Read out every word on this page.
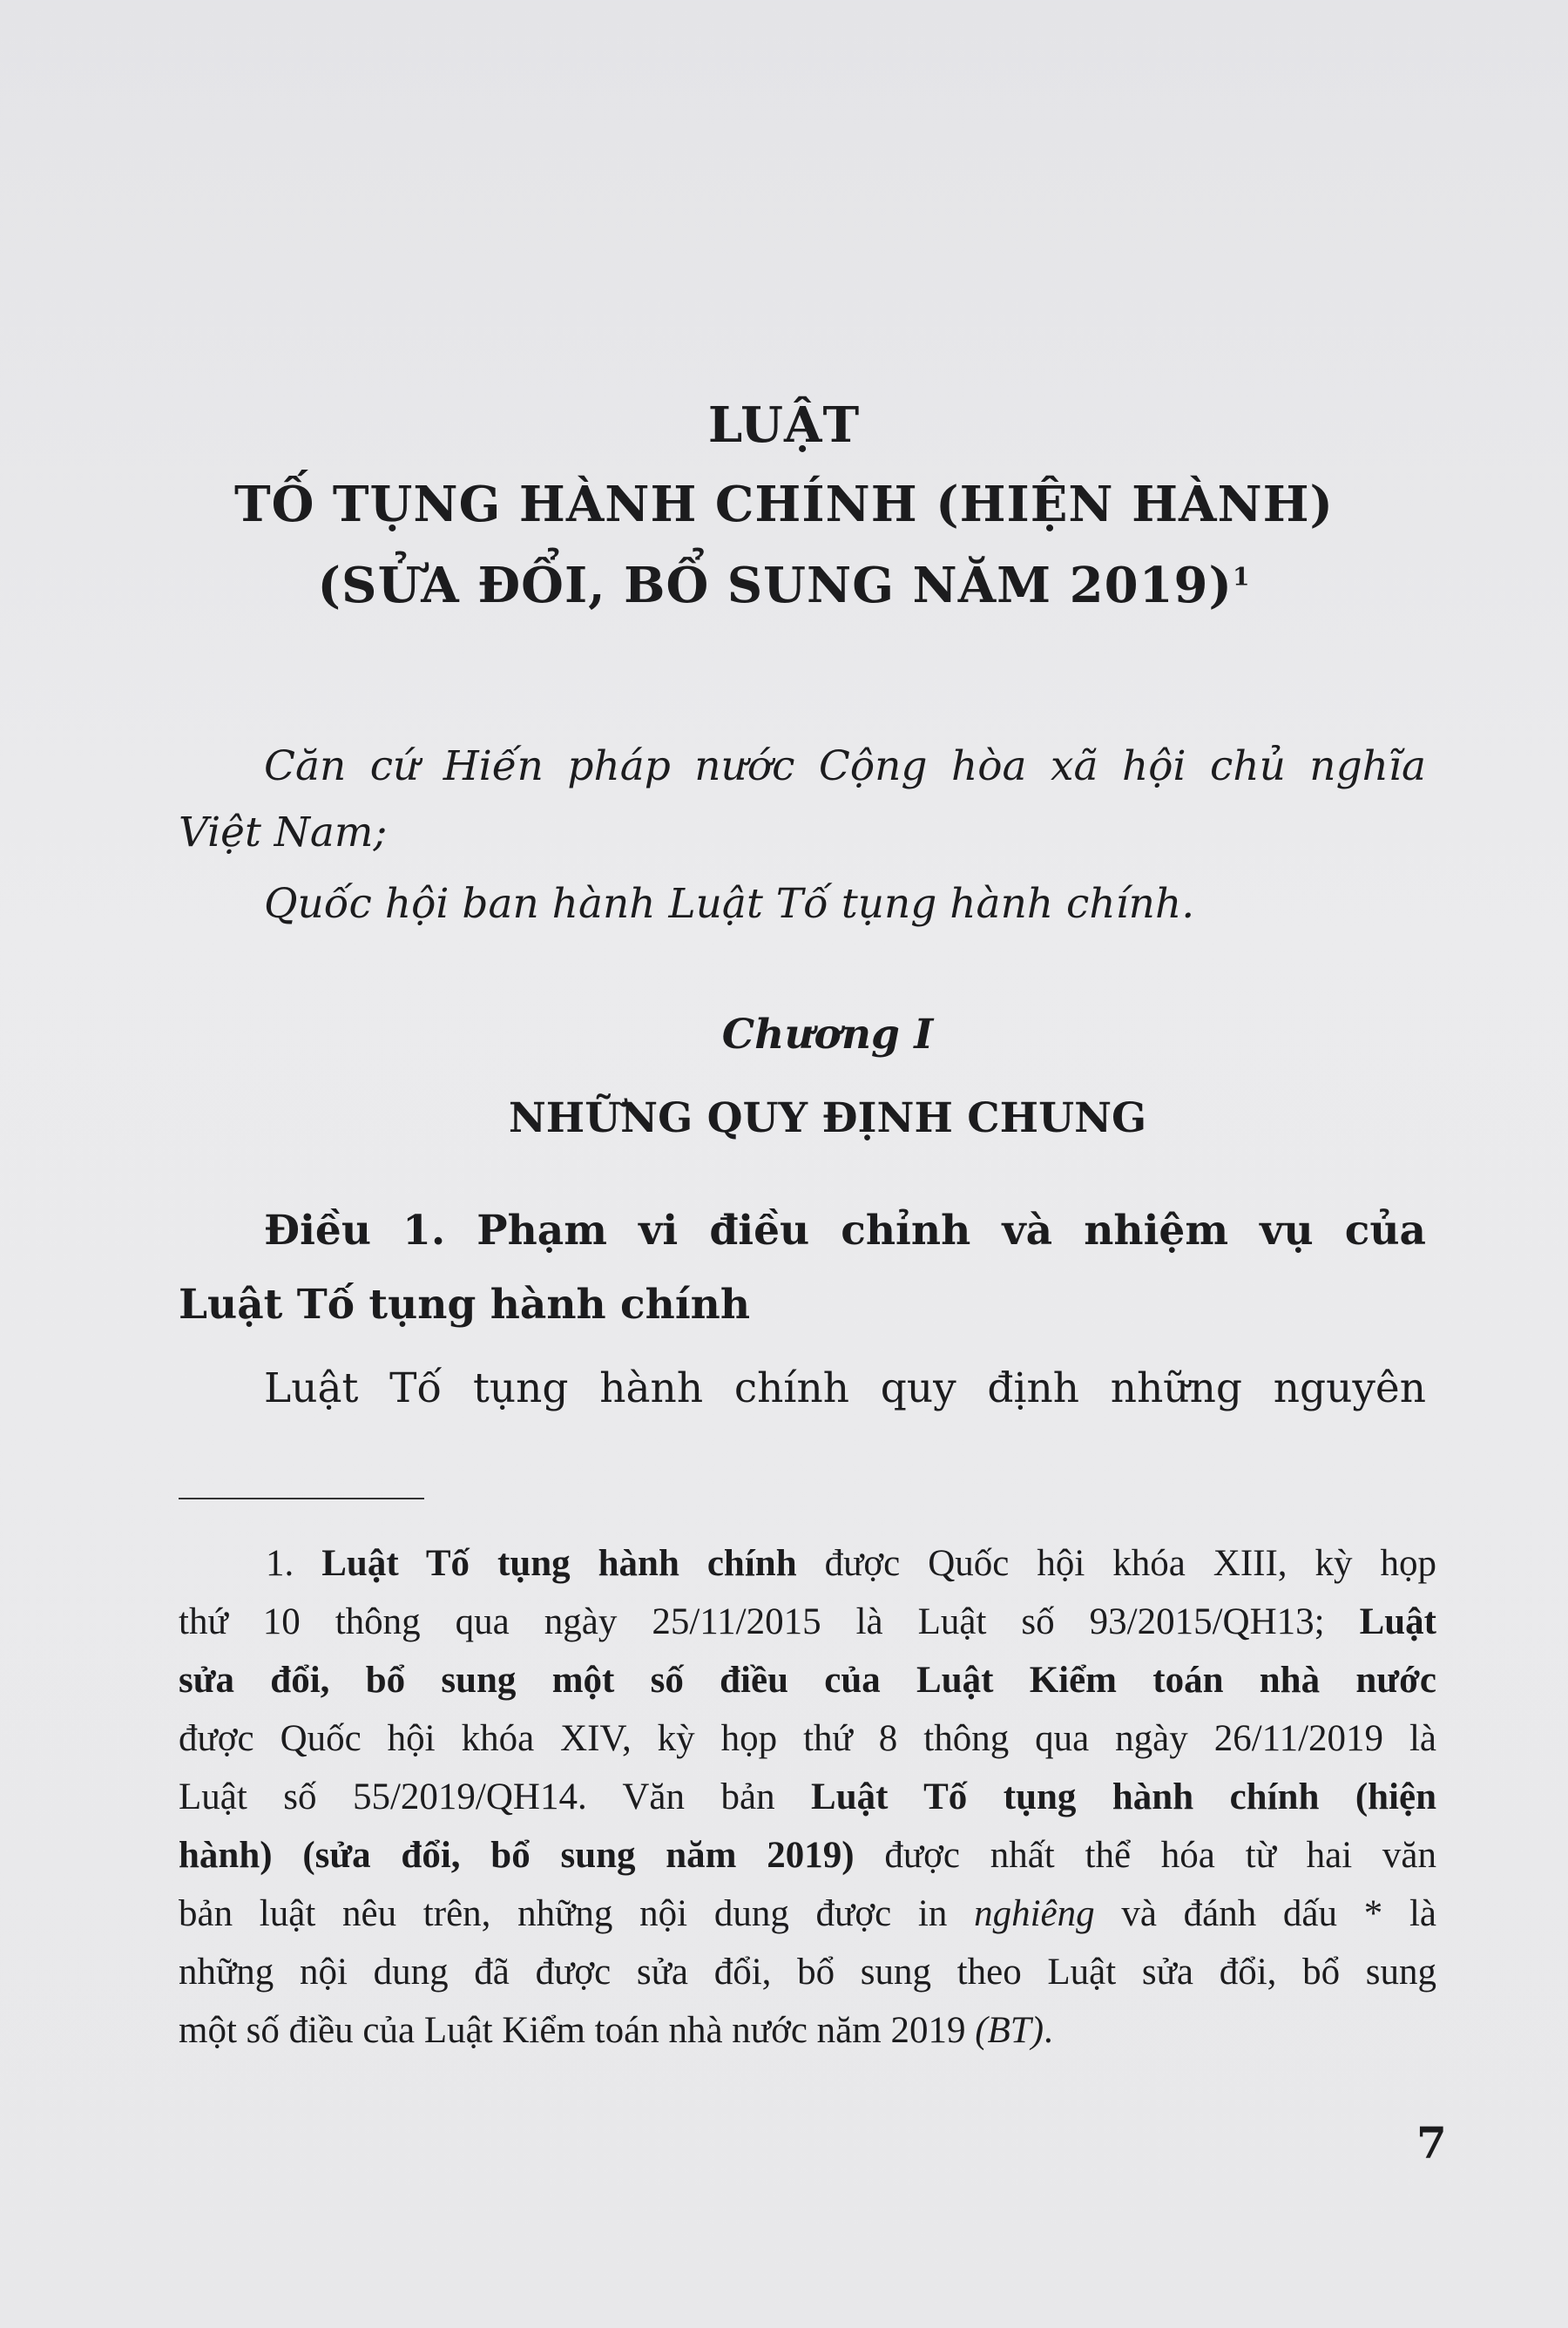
LUẬT
TỐ TỤNG HÀNH CHÍNH (HIỆN HÀNH)
(SỬA ĐỔI, BỔ SUNG NĂM 2019)$^1$
Căn cứ Hiến pháp nước Cộng hòa xã hội chủ nghĩa
Việt Nam;
Quốc hội ban hành Luật Tố tụng hành chính.
Chương I
NHỮNG QUY ĐỊNH CHUNG
Điều 1. Phạm vi điều chỉnh và nhiệm vụ của
Luật Tố tụng hành chính
Luật Tố tụng hành chính quy định những nguyên
1. Luật Tố tụng hành chính được Quốc hội khóa XIII, kỳ họp
thứ 10 thông qua ngày 25/11/2015 là Luật số 93/2015/QH13; Luật
sửa đổi, bổ sung một số điều của Luật Kiểm toán nhà nước
được Quốc hội khóa XIV, kỳ họp thứ 8 thông qua ngày 26/11/2019 là
Luật số 55/2019/QH14. Văn bản Luật Tố tụng hành chính (hiện
hành) (sửa đổi, bổ sung năm 2019) được nhất thể hóa từ hai văn
bản luật nêu trên, những nội dung được in nghiêng và đánh dấu * là
những nội dung đã được sửa đổi, bổ sung theo Luật sửa đổi, bổ sung
một số điều của Luật Kiểm toán nhà nước năm 2019 (BT).
7
